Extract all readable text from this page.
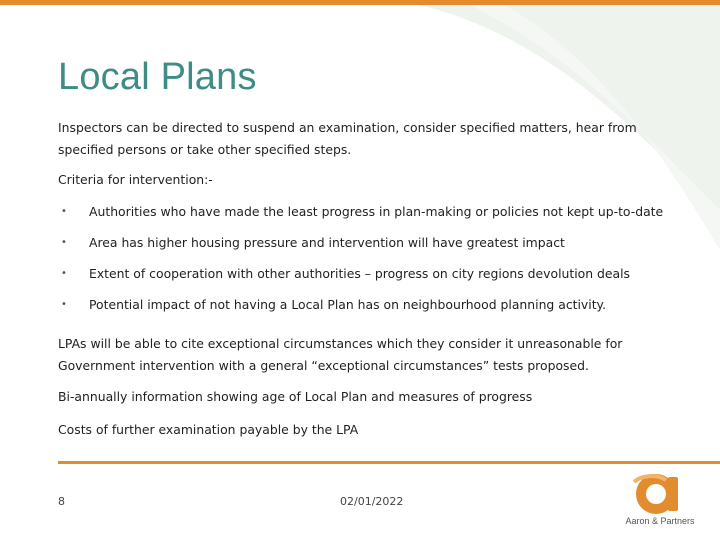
Local Plans

Inspectors can be directed to suspend an examination, consider specified matters, hear from specified persons or take other specified steps.

Criteria for intervention:-

• Authorities who have made the least progress in plan-making or policies not kept up-to-date
• Area has higher housing pressure and intervention will have greatest impact
• Extent of cooperation with other authorities – progress on city regions devolution deals
• Potential impact of not having a Local Plan has on neighbourhood planning activity.

LPAs will be able to cite exceptional circumstances which they consider it unreasonable for Government intervention with a general “exceptional circumstances” tests proposed.

Bi-annually information showing age of Local Plan and measures of progress

Costs of further examination payable by the LPA

8	02/01/2022
Aaron & Partners
